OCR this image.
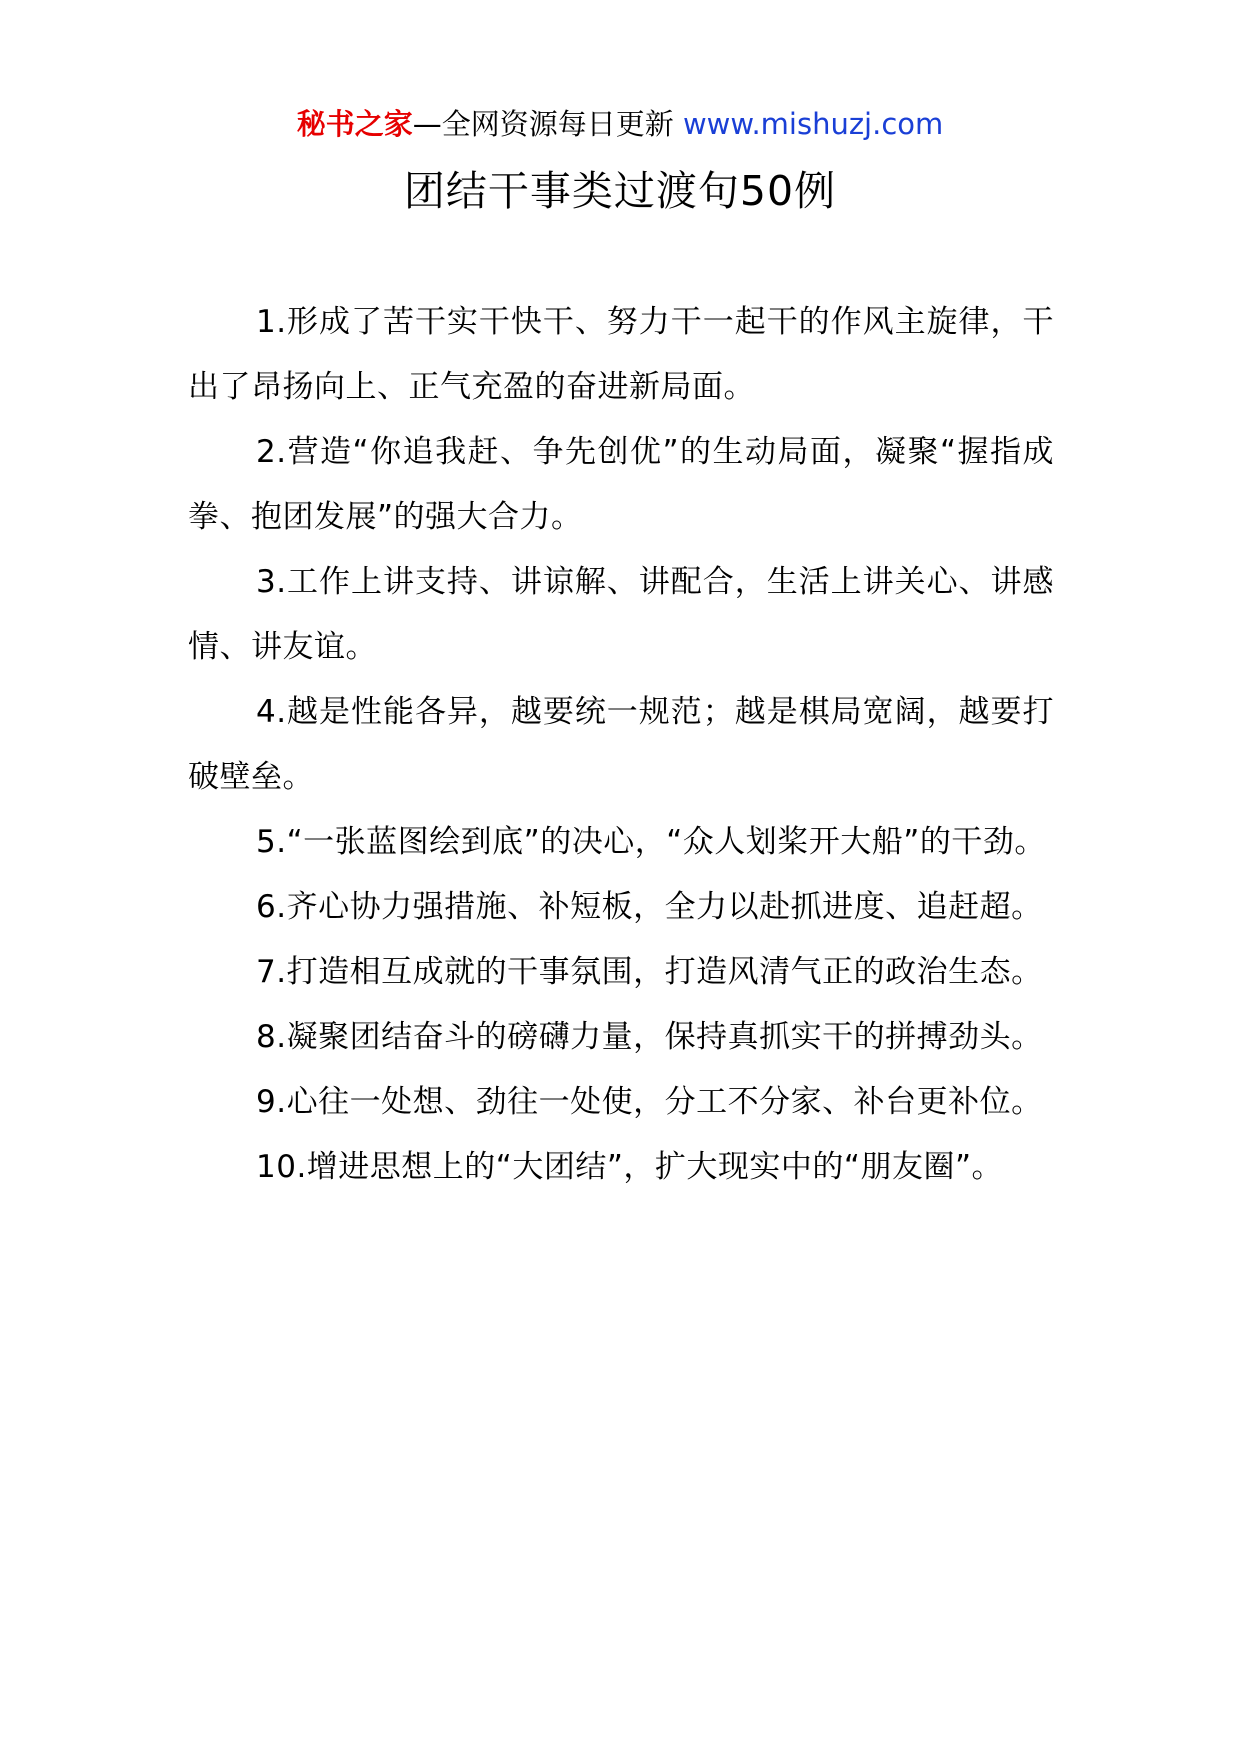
秘书之家—全网资源每日更新 www.mishuzj.com
团结干事类过渡句50例

1.形成了苦干实干快干、努力干一起干的作风主旋律，干出了昂扬向上、正气充盈的奋进新局面。

2.营造“你追我赶、争先创优”的生动局面，凝聚“握指成拳、抱团发展”的强大合力。

3.工作上讲支持、讲谅解、讲配合，生活上讲关心、讲感情、讲友谊。

4.越是性能各异，越要统一规范；越是棋局宽阔，越要打破壁垒。

5.“一张蓝图绘到底”的决心，“众人划桨开大船”的干劲。

6.齐心协力强措施、补短板，全力以赴抓进度、追赶超。

7.打造相互成就的干事氛围，打造风清气正的政治生态。

8.凝聚团结奋斗的磅礴力量，保持真抓实干的拼搏劲头。

9.心往一处想、劲往一处使，分工不分家、补台更补位。

10.增进思想上的“大团结”，扩大现实中的“朋友圈”。
